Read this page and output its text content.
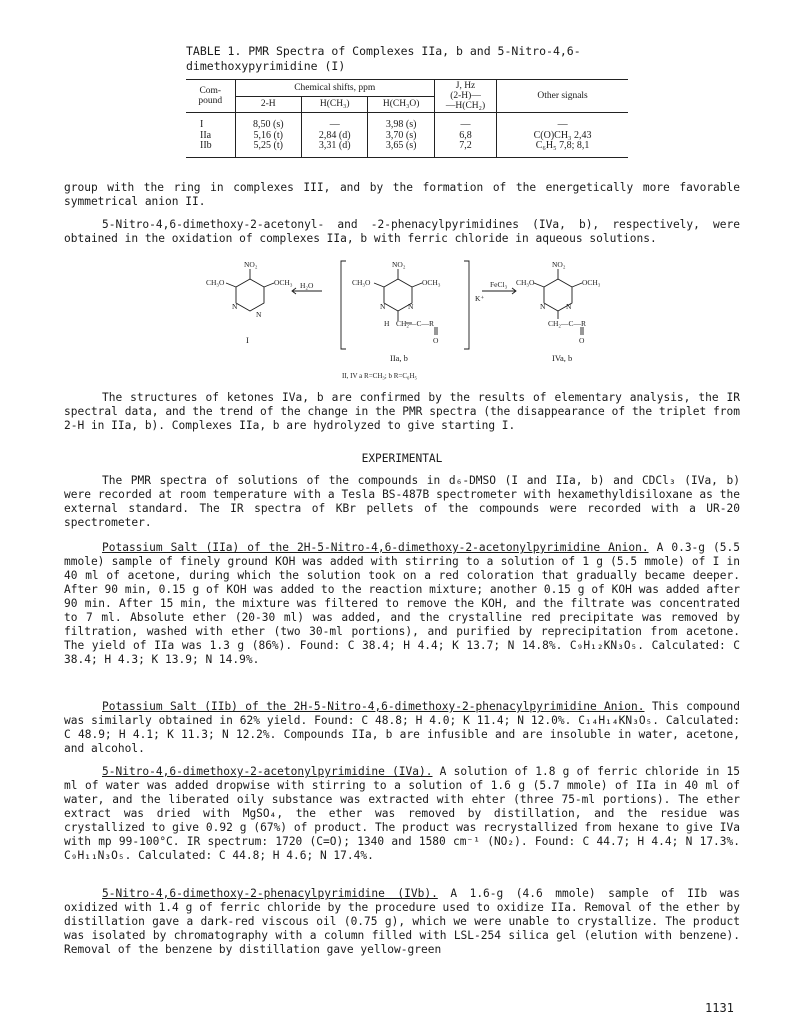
TABLE 1. PMR Spectra of Complexes IIa, b and 5-Nitro-4,6-
dimethoxypyrimidine (I)
Com-
pound	Chemical shifts, ppm			J, Hz
(2-H)—
—H(CH₂)	Other signals
	2-H	H(CH₃)	H(CH₃O)		
I	8,50 (s)	—	3,98 (s)	—	—
IIa	5,16 (t)	2,84 (d)	3,70 (s)	6,8	C(O)CH₃ 2,43
IIb	5,25 (t)	3,31 (d)	3,65 (s)	7,2	C₆H₅ 7,8; 8,1

group with the ring in complexes III, and by the formation of the energetically more favorable symmetrical anion II.

5-Nitro-4,6-dimethoxy-2-acetonyl- and -2-phenacylpyrimidines (IVa, b), respectively, were obtained in the oxidation of complexes IIa, b with ferric chloride in aqueous solutions.

NO₂
CH₃O	OCH₃
N
N
I
H₂O
NO₂
CH₃O	OCH₃
N	N
H CH₂—C—R
O
K⁺
IIa, b
FeCl₃
NO₂
CH₃O	OCH₃
N	N
CH₂—C—R
O
IVa, b
II, IV a R=CH₃; b R=C₆H₅

The structures of ketones IVa, b are confirmed by the results of elementary analysis, the IR spectral data, and the trend of the change in the PMR spectra (the disappearance of the triplet from 2-H in IIa, b). Complexes IIa, b are hydrolyzed to give starting I.

EXPERIMENTAL

The PMR spectra of solutions of the compounds in d₆-DMSO (I and IIa, b) and CDCl₃ (IVa, b) were recorded at room temperature with a Tesla BS-487B spectrometer with hexamethyldisiloxane as the external standard. The IR spectra of KBr pellets of the compounds were recorded with a UR-20 spectrometer.

Potassium Salt (IIa) of the 2H-5-Nitro-4,6-dimethoxy-2-acetonylpyrimidine Anion. A 0.3-g (5.5 mmole) sample of finely ground KOH was added with stirring to a solution of 1 g (5.5 mmole) of I in 40 ml of acetone, during which the solution took on a red coloration that gradually became deeper. After 90 min, 0.15 g of KOH was added to the reaction mixture; another 0.15 g of KOH was added after 90 min. After 15 min, the mixture was filtered to remove the KOH, and the filtrate was concentrated to 7 ml. Absolute ether (20-30 ml) was added, and the crystalline red precipitate was removed by filtration, washed with ether (two 30-ml portions), and purified by reprecipitation from acetone. The yield of IIa was 1.3 g (86%). Found: C 38.4; H 4.4; K 13.7; N 14.8%. C₉H₁₂KN₃O₅. Calculated: C 38.4; H 4.3; K 13.9; N 14.9%.

Potassium Salt (IIb) of the 2H-5-Nitro-4,6-dimethoxy-2-phenacylpyrimidine Anion. This compound was similarly obtained in 62% yield. Found: C 48.8; H 4.0; K 11.4; N 12.0%. C₁₄H₁₄KN₃O₅. Calculated: C 48.9; H 4.1; K 11.3; N 12.2%. Compounds IIa, b are infusible and are insoluble in water, acetone, and alcohol.

5-Nitro-4,6-dimethoxy-2-acetonylpyrimidine (IVa). A solution of 1.8 g of ferric chloride in 15 ml of water was added dropwise with stirring to a solution of 1.6 g (5.7 mmole) of IIa in 40 ml of water, and the liberated oily substance was extracted with ehter (three 75-ml portions). The ether extract was dried with MgSO₄, the ether was removed by distillation, and the residue was crystallized to give 0.92 g (67%) of product. The product was recrystallized from hexane to give IVa with mp 99-100°C. IR spectrum: 1720 (C=O); 1340 and 1580 cm⁻¹ (NO₂). Found: C 44.7; H 4.4; N 17.3%. C₉H₁₁N₃O₅. Calculated: C 44.8; H 4.6; N 17.4%.

5-Nitro-4,6-dimethoxy-2-phenacylpyrimidine (IVb). A 1.6-g (4.6 mmole) sample of IIb was oxidized with 1.4 g of ferric chloride by the procedure used to oxidize IIa. Removal of the ether by distillation gave a dark-red viscous oil (0.75 g), which we were unable to crystallize. The product was isolated by chromatography with a column filled with LSL-254 silica gel (elution with benzene). Removal of the benzene by distillation gave yellow-green

1131
